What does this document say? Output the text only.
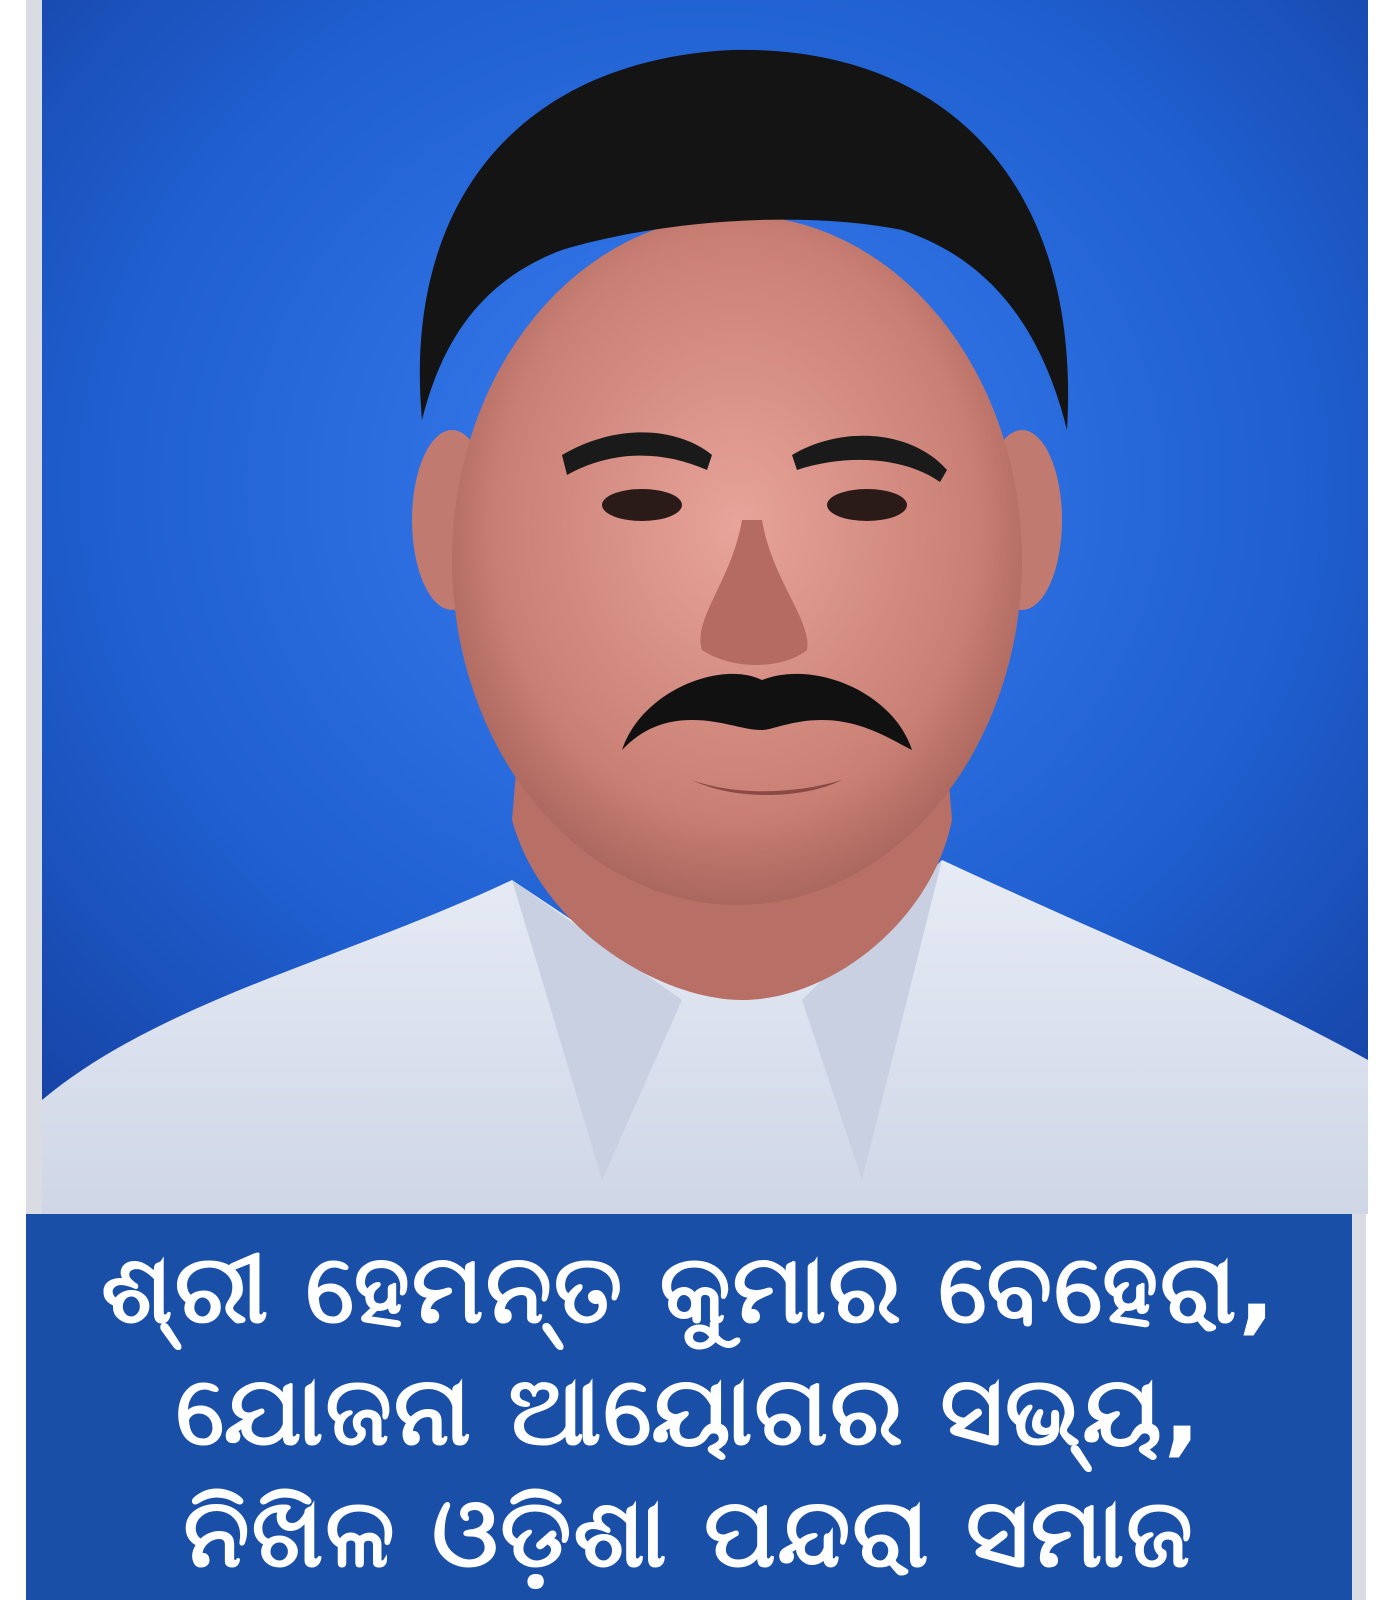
ଶ୍ରୀ ହେମନ୍ତ କୁମାର ବେହେରା,
ଯୋଜନା ଆୟୋଗର ସଭ୍ୟ,
ନିଖିଳ ଓଡ଼ିଶା ପନ୍ଦରା ସମାଜ
